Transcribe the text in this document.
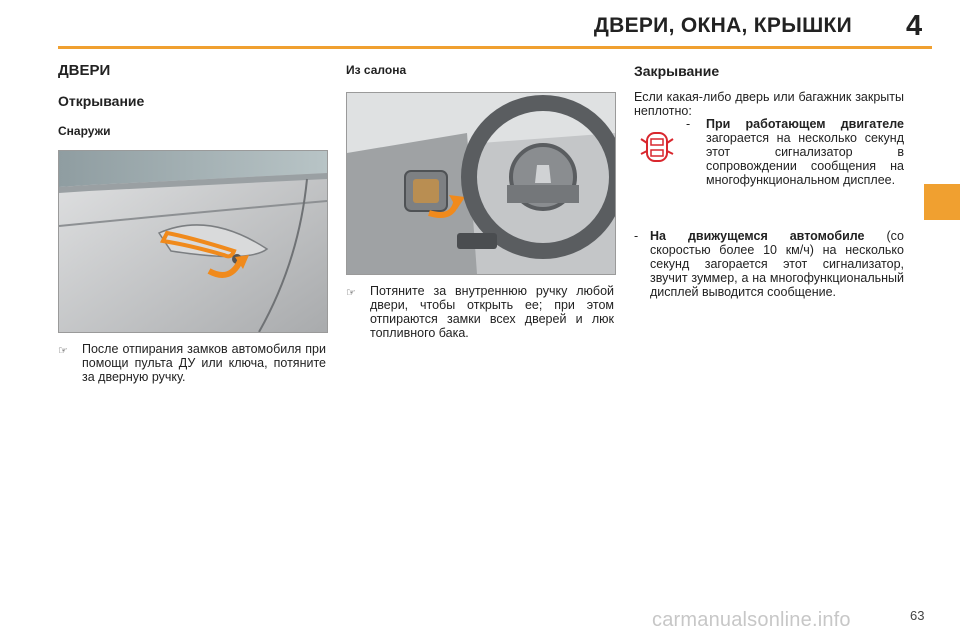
ДВЕРИ, ОКНА, КРЫШКИ 4
ДВЕРИ
Открывание
Снаружи
☞ После отпирания замков автомобиля при помощи пульта ДУ или ключа, потяните за дверную ручку.
Из салона
☞ Потяните за внутреннюю ручку любой двери, чтобы открыть ее; при этом отпираются замки всех дверей и люк топливного бака.
Закрывание
Если какая-либо дверь или багажник закрыты неплотно:
-	При работающем двигателе загорается на несколько секунд этот сигнализатор в сопровождении сообщения на многофункциональном дисплее.
- На движущемся автомобиле (со скоростью более 10 км/ч) на несколько секунд загорается этот сигнализатор, звучит зуммер, а на многофункциональный дисплей выводится сообщение.
63
carmanualsonline.info
